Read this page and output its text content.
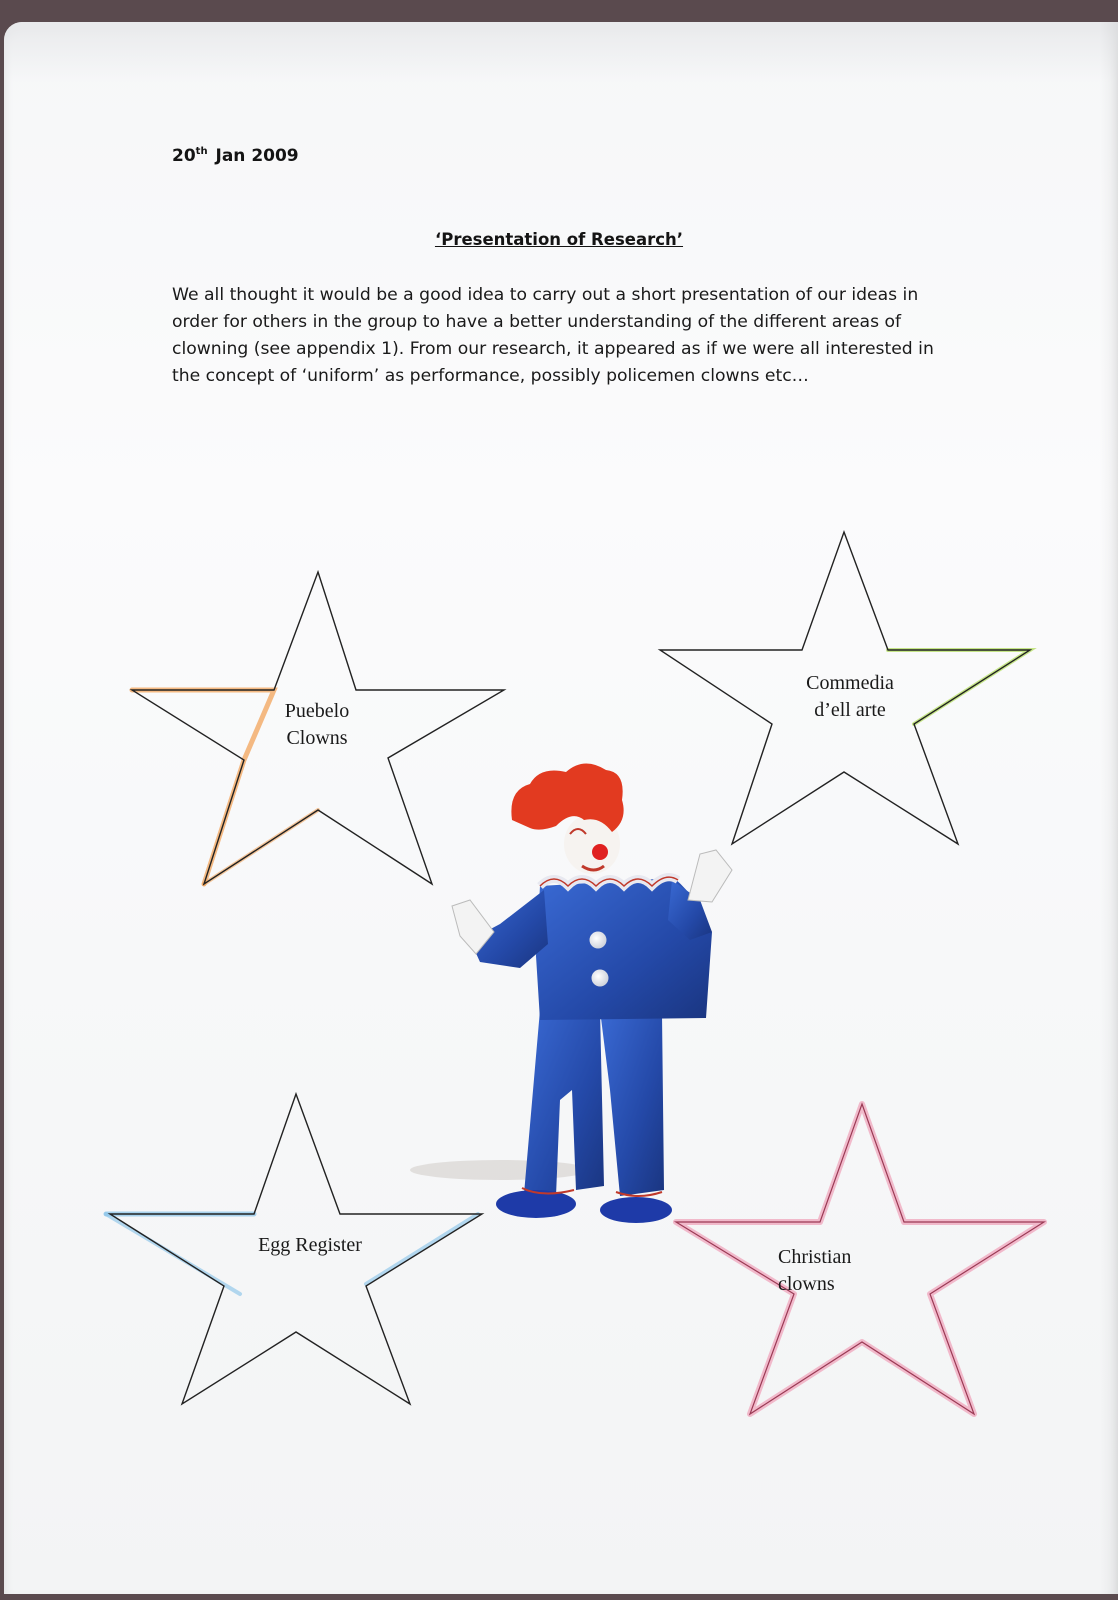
20th Jan 2009
‘Presentation of Research’
We all thought it would be a good idea to carry out a short presentation of our ideas in order for others in the group to have a better understanding of the different areas of clowning (see appendix 1). From our research, it appeared as if we were all interested in the concept of ‘uniform’ as performance, possibly policemen clowns etc…
Puebelo
Clowns
Commedia
d’ell arte
Egg Register
Christian
clowns
